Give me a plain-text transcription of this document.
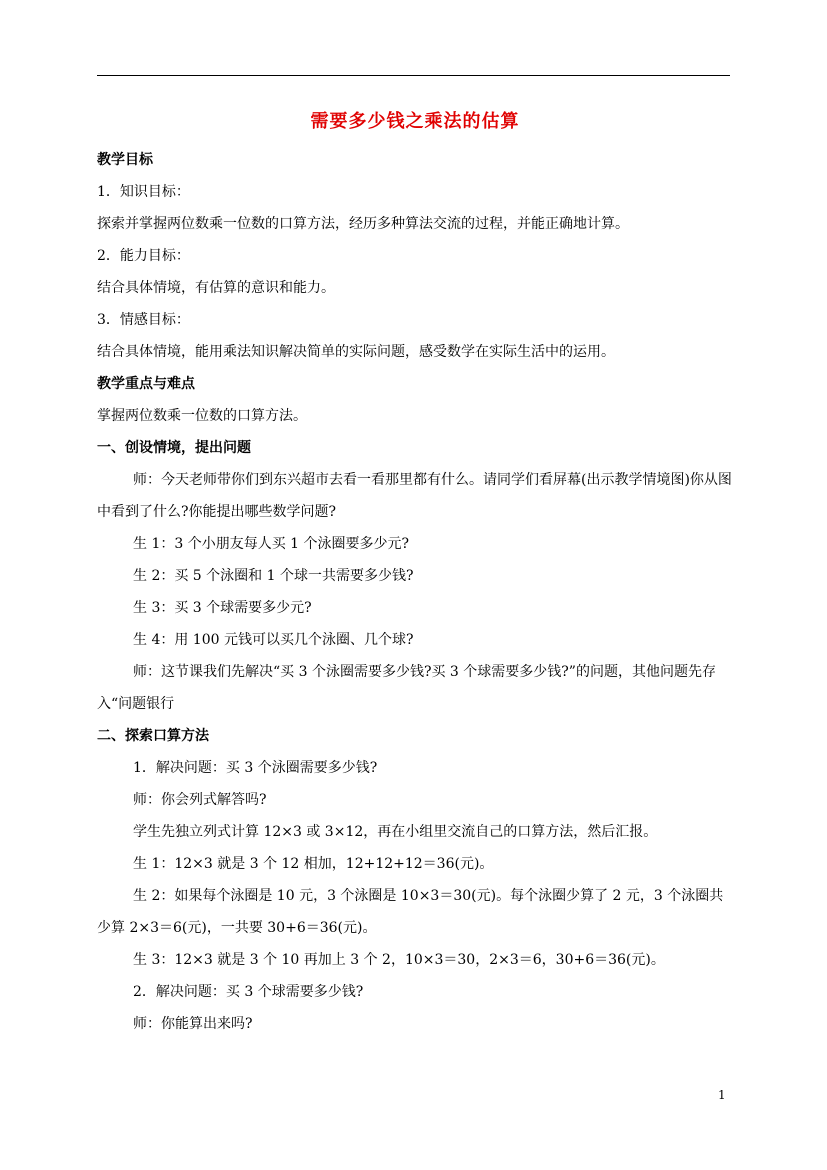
需要多少钱之乘法的估算

教学目标

1．知识目标：

探索并掌握两位数乘一位数的口算方法，经历多种算法交流的过程，并能正确地计算。

2．能力目标：

结合具体情境，有估算的意识和能力。

3．情感目标：

结合具体情境，能用乘法知识解决简单的实际问题，感受数学在实际生活中的运用。

教学重点与难点

掌握两位数乘一位数的口算方法。

一、创设情境，提出问题

师：今天老师带你们到东兴超市去看一看那里都有什么。请同学们看屏幕(出示教学情境图)你从图中看到了什么?你能提出哪些数学问题?

生 1：3 个小朋友每人买 1 个泳圈要多少元?

生 2：买 5 个泳圈和 1 个球一共需要多少钱?

生 3：买 3 个球需要多少元?

生 4：用 100 元钱可以买几个泳圈、几个球?

师：这节课我们先解决“买 3 个泳圈需要多少钱?买 3 个球需要多少钱?”的问题，其他问题先存入“问题银行

二、探索口算方法

1．解决问题：买 3 个泳圈需要多少钱?

师：你会列式解答吗?

学生先独立列式计算 12×3 或 3×12，再在小组里交流自己的口算方法，然后汇报。

生 1：12×3 就是 3 个 12 相加，12+12+12＝36(元)。

生 2：如果每个泳圈是 10 元，3 个泳圈是 10×3＝30(元)。每个泳圈少算了 2 元，3 个泳圈共少算 2×3＝6(元)，一共要 30+6＝36(元)。

生 3：12×3 就是 3 个 10 再加上 3 个 2，10×3＝30，2×3＝6，30+6＝36(元)。

2．解决问题：买 3 个球需要多少钱?

师：你能算出来吗?

1
